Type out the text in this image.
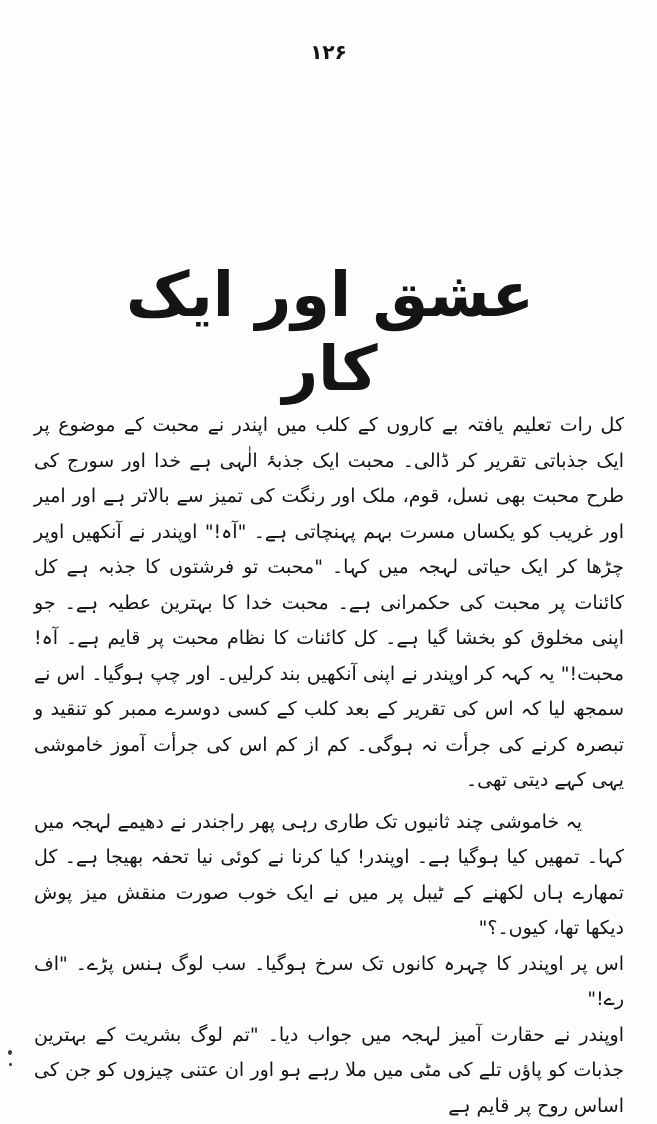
۱۲۶
عشق اور ایک کار

کل رات تعلیم یافتہ بے کاروں کے کلب میں اپندر نے محبت کے موضوع پر ایک جذباتی تقریر کر ڈالی۔ محبت ایک جذبۂ الٰہی ہے خدا اور سورج کی طرح محبت بھی نسل، قوم، ملک اور رنگت کی تمیز سے بالاتر ہے اور امیر اور غریب کو یکساں مسرت بہم پہنچاتی ہے۔ "آہ!" اوپندر نے آنکھیں اوپر چڑھا کر ایک حیاتی لہجہ میں کہا۔ "محبت تو فرشتوں کا جذبہ ہے کل کائنات پر محبت کی حکمرانی ہے۔ محبت خدا کا بہترین عطیہ ہے۔ جو اپنی مخلوق کو بخشا گیا ہے۔ کل کائنات کا نظام محبت پر قایم ہے۔ آہ! محبت!" یہ کہہ کر اوپندر نے اپنی آنکھیں بند کرلیں۔ اور چپ ہوگیا۔ اس نے سمجھ لیا کہ اس کی تقریر کے بعد کلب کے کسی دوسرے ممبر کو تنقید و تبصرہ کرنے کی جرأت نہ ہوگی۔ کم از کم اس کی جرأت آموز خاموشی یہی کہے دیتی تھی۔

یہ خاموشی چند ثانیوں تک طاری رہی پھر راجندر نے دھیمے لہجہ میں کہا۔ تمھیں کیا ہوگیا ہے۔ اوپندر! کیا کرنا نے کوئی نیا تحفہ بھیجا ہے۔ کل تمھارے ہاں لکھنے کے ٹیبل پر میں نے ایک خوب صورت منقش میز پوش دیکھا تھا، کیوں۔؟"

اس پر اوپندر کا چہرہ کانوں تک سرخ ہوگیا۔ سب لوگ ہنس پڑے۔ "اف رے!"

اوپندر نے حقارت آمیز لہجہ میں جواب دیا۔ "تم لوگ بشریت کے بہترین جذبات کو پاؤں تلے کی مٹی میں ملا رہے ہو اور ان عتنی چیزوں کو جن کی اساس روح پر قایم ہے
